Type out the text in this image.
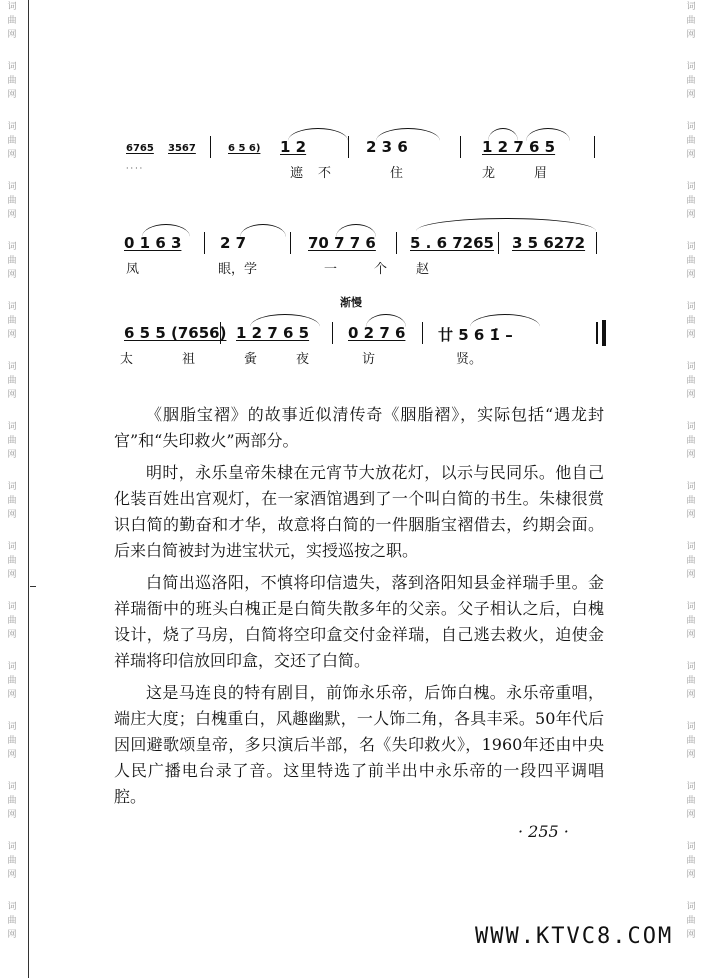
词
曲
网
词
曲
网
词
曲
网
词
曲
网
词
曲
网
词
曲
网
词
曲
网
词
曲
网
词
曲
网
词
曲
网
词
曲
网
词
曲
网
词
曲
网
词
曲
网
词
曲
网
词
曲
网
词
曲
网
词
曲
网
词
曲
网
词
曲
网
词
曲
网
词
曲
网
词
曲
网
词
曲
网
词
曲
网
词
曲
网
词
曲
网
词
曲
网
词
曲
网
词
曲
网
词
曲
网
词
曲
网
6765 3567	6 5 6) 1 2	2 3 6	1 2 7 6 5
····	遮 不	住	龙	眉
0 1 6 3	2 7	70 7 7 6 5 . 6 7265 3 5 6272
凤	眼，学	一	个 赵
渐慢
6 5 5 (7656) 1 2 7 6 5	0 2 7 6 廿 5 6 1̇ –
太	祖	夤	夜	访	贤。

《胭脂宝褶》的故事近似清传奇《胭脂褶》，实际包括“遇龙封官”和“失印救火”两部分。

明时，永乐皇帝朱棣在元宵节大放花灯，以示与民同乐。他自己化装百姓出宫观灯，在一家酒馆遇到了一个叫白简的书生。朱棣很赏识白简的勤奋和才华，故意将白简的一件胭脂宝褶借去，约期会面。后来白简被封为进宝状元，实授巡按之职。

白简出巡洛阳，不慎将印信遗失，落到洛阳知县金祥瑞手里。金祥瑞衙中的班头白槐正是白简失散多年的父亲。父子相认之后，白槐设计，烧了马房，白简将空印盒交付金祥瑞，自己逃去救火，迫使金祥瑞将印信放回印盒，交还了白简。

这是马连良的特有剧目，前饰永乐帝，后饰白槐。永乐帝重唱，端庄大度；白槐重白，风趣幽默，一人饰二角，各具丰采。50年代后因回避歌颂皇帝，多只演后半部，名《失印救火》，1960年还由中央人民广播电台录了音。这里特选了前半出中永乐帝的一段四平调唱腔。

· 255 ·
WWW.KTVC8.COM
